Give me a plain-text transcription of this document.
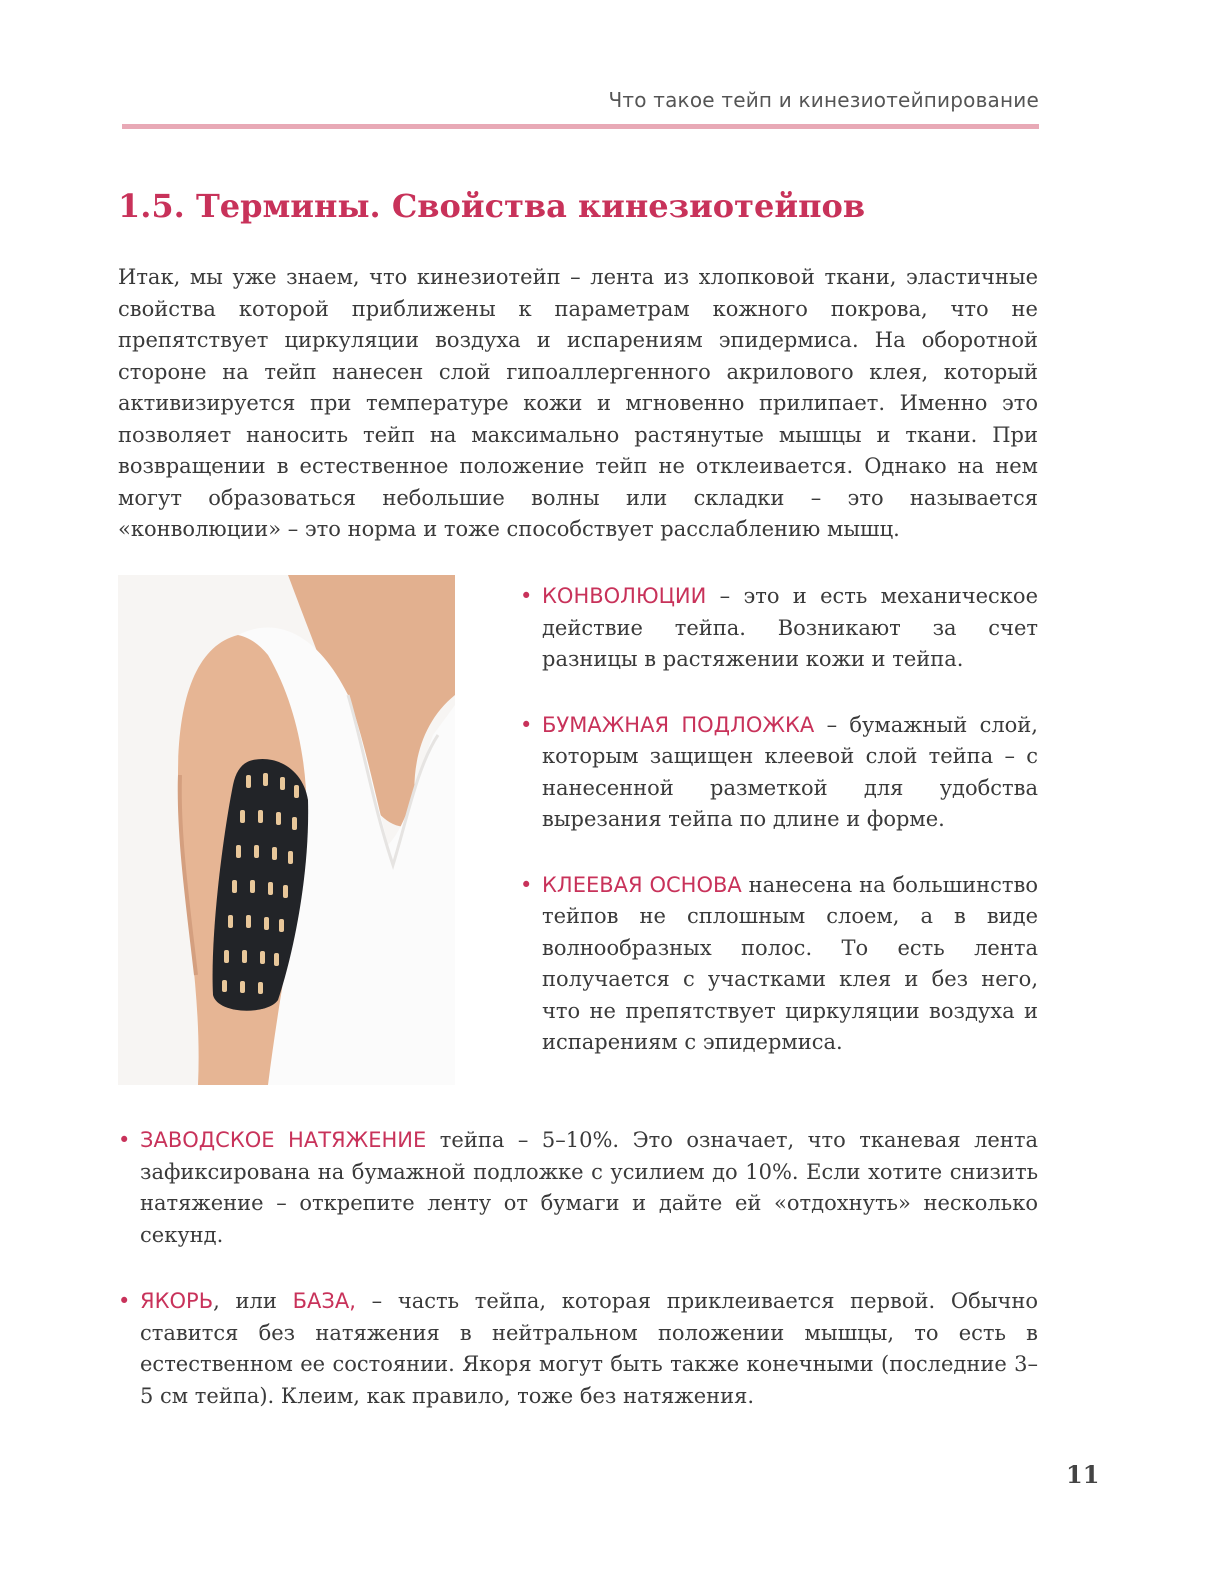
Что такое тейп и кинезиотейпирование
1.5. Термины. Свойства кинезиотейпов

Итак, мы уже знаем, что кинезиотейп – лента из хлопковой ткани, эластичные свойства которой приближены к параметрам кожного покрова, что не препятствует циркуляции воздуха и испарениям эпидермиса. На оборотной стороне на тейп нанесен слой гипоаллергенного акрилового клея, который активизируется при температуре кожи и мгновенно прилипает. Именно это позволяет наносить тейп на максимально растянутые мышцы и ткани. При возвращении в естественное положение тейп не отклеивается. Однако на нем могут образоваться небольшие волны или складки – это называется «конволюции» – это норма и тоже способствует расслаблению мышц.

• КОНВОЛЮЦИИ – это и есть механическое действие тейпа. Возникают за счет разницы в растяжении кожи и тейпа.
• БУМАЖНАЯ ПОДЛОЖКА – бумажный слой, которым защищен клеевой слой тейпа – с нанесенной разметкой для удобства вырезания тейпа по длине и форме.
• КЛЕЕВАЯ ОСНОВА нанесена на большинство тейпов не сплошным слоем, а в виде волнообразных полос. То есть лента получается с участками клея и без него, что не препятствует циркуляции воздуха и испарениям с эпидермиса.
• ЗАВОДСКОЕ НАТЯЖЕНИЕ тейпа – 5–10%. Это означает, что тканевая лента зафиксирована на бумажной подложке с усилием до 10%. Если хотите снизить натяжение – открепите ленту от бумаги и дайте ей «отдохнуть» несколько секунд.
• ЯКОРЬ, или БАЗА, – часть тейпа, которая приклеивается первой. Обычно ставится без натяжения в нейтральном положении мышцы, то есть в естественном ее состоянии. Якоря могут быть также конечными (последние 3–5 см тейпа). Клеим, как правило, тоже без натяжения.
11
